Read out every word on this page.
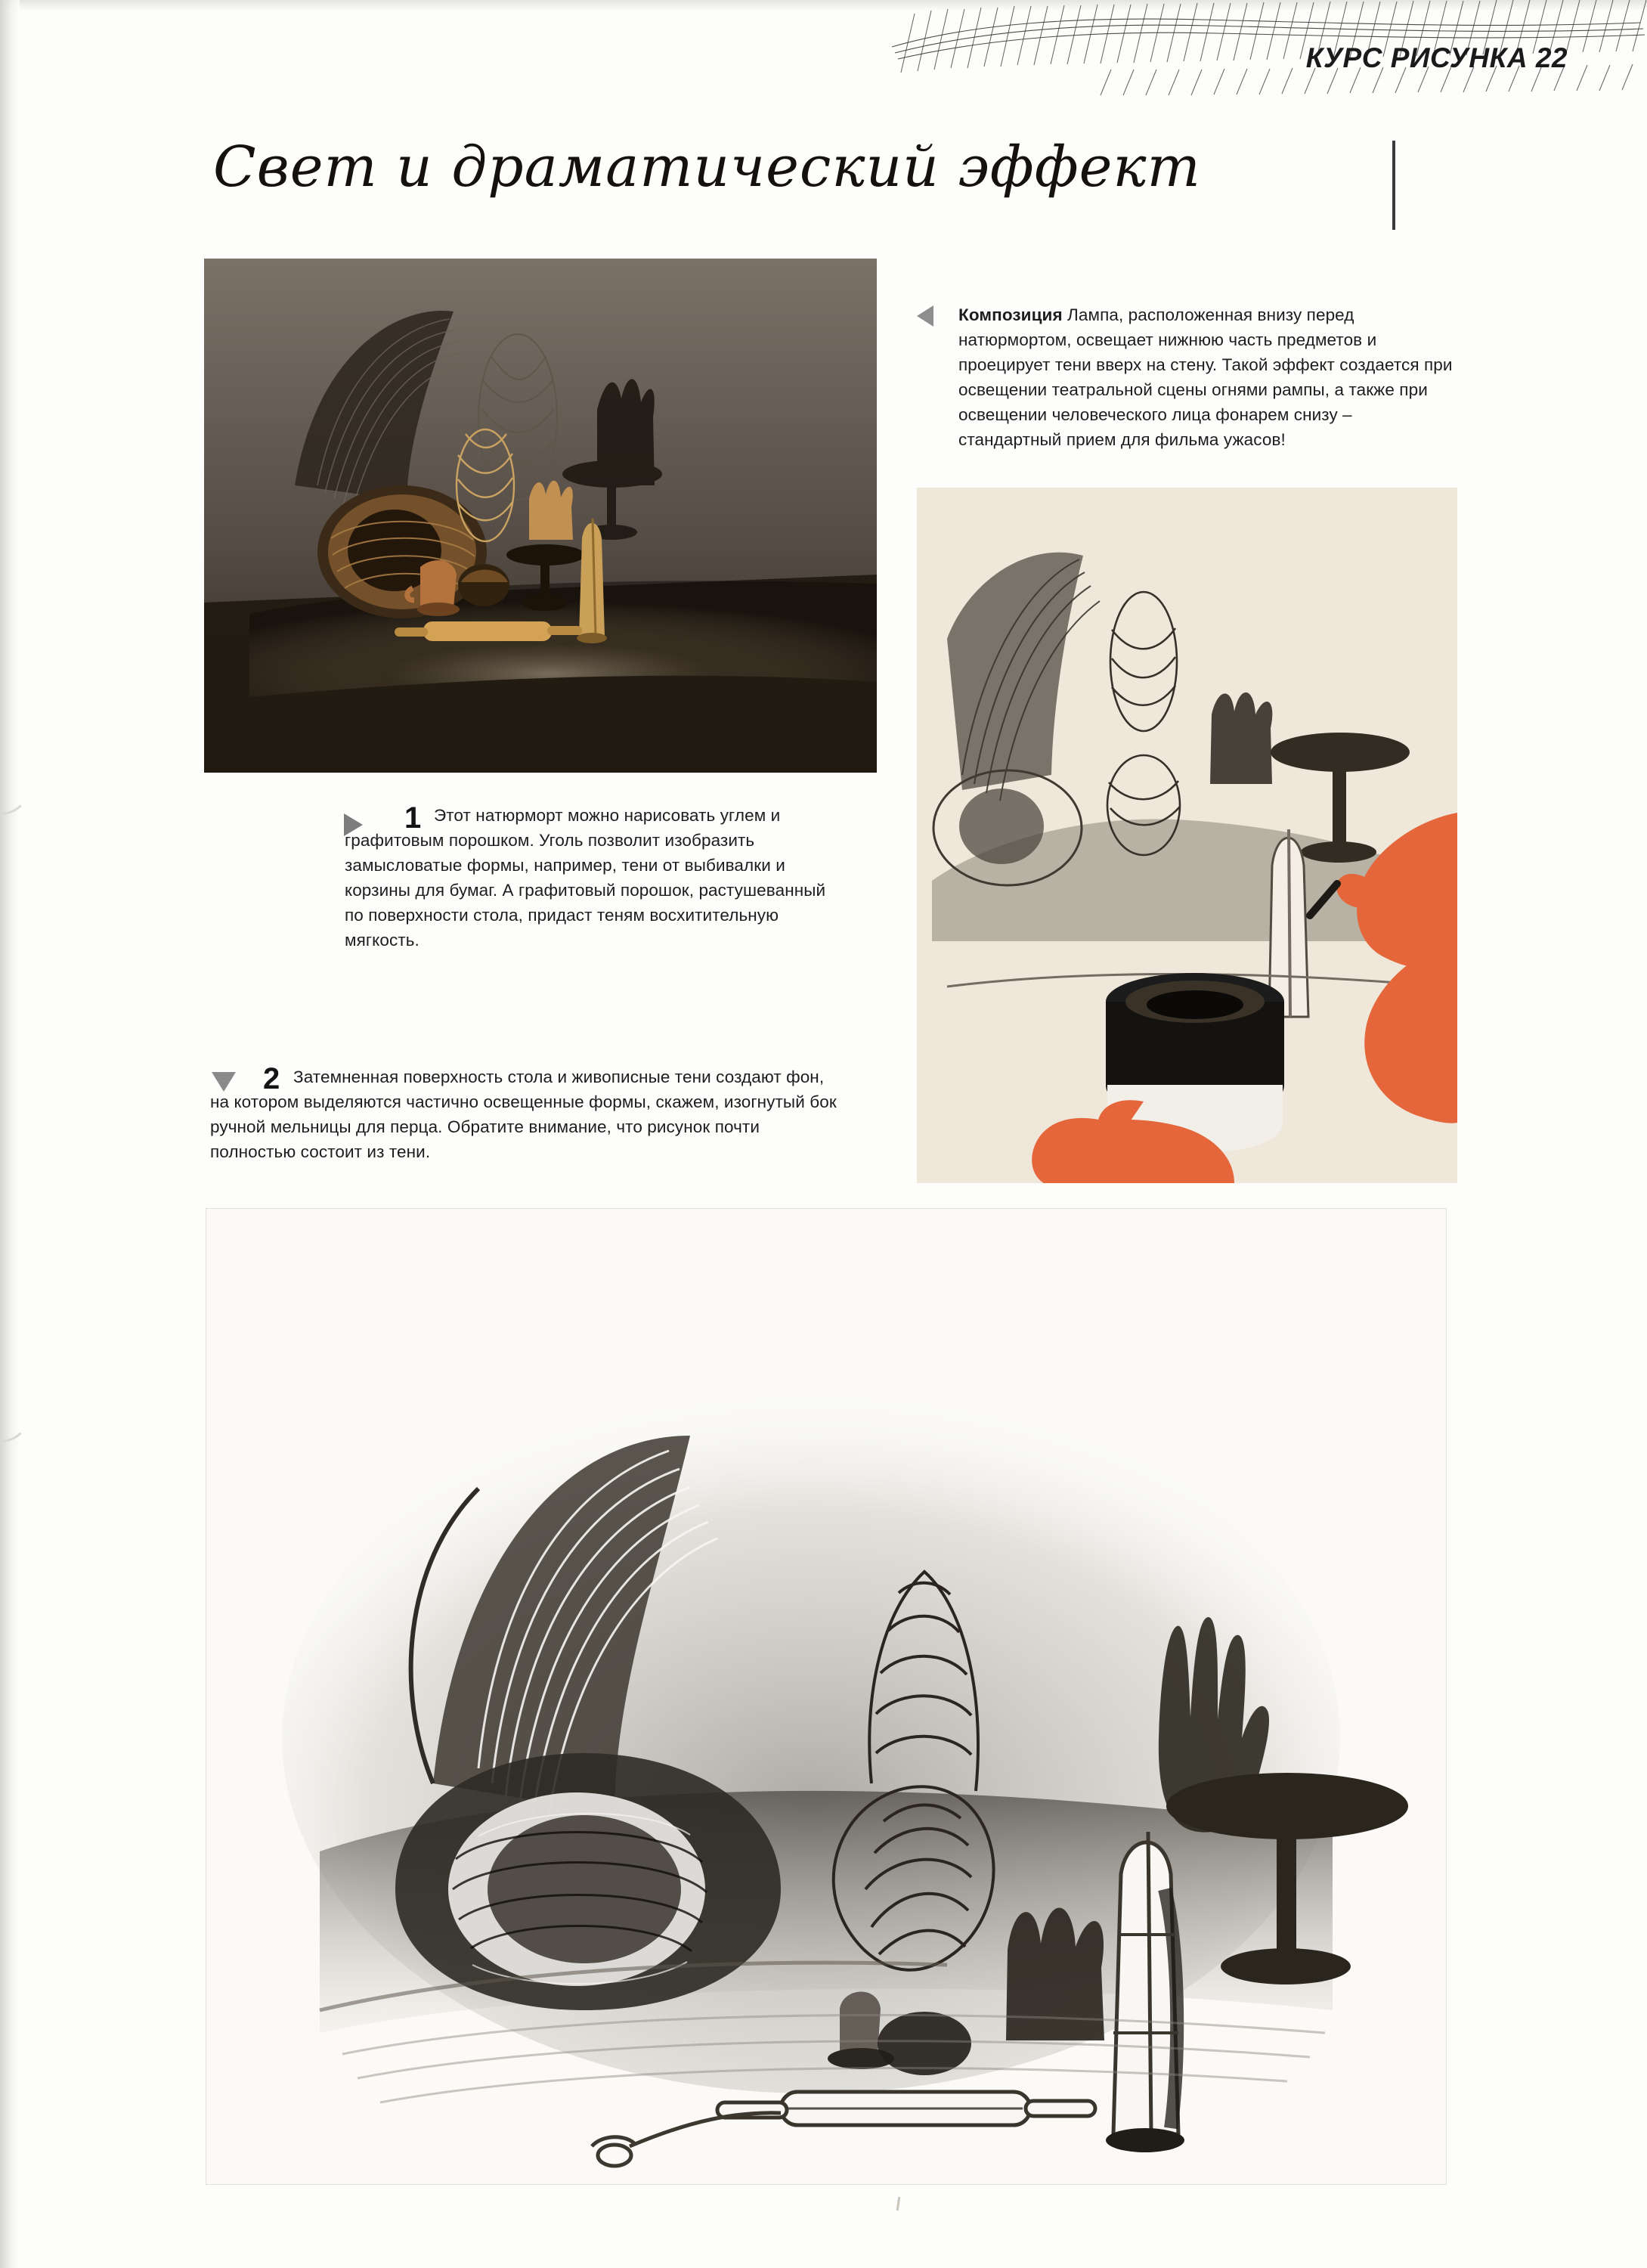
КУРС РИСУНКА 22
Свет и драматический эффект

Композиция Лампа, расположенная внизу перед натюрмортом, освещает нижнюю часть предметов и проецирует тени вверх на стену. Такой эффект создается при освещении театральной сцены огнями рампы, а также при освещении человеческого лица фонарем снизу – стандартный прием для фильма ужасов!

1 Этот натюрморт можно нарисовать углем и графитовым порошком. Уголь позволит изобразить замысловатые формы, например, тени от выбивалки и корзины для бумаг. А графитовый порошок, растушеванный по поверхности стола, придаст теням восхитительную мягкость.

2 Затемненная поверхность стола и живописные тени создают фон, на котором выделяются частично освещенные формы, скажем, изогнутый бок ручной мельницы для перца. Обратите внимание, что рисунок почти полностью состоит из тени.
